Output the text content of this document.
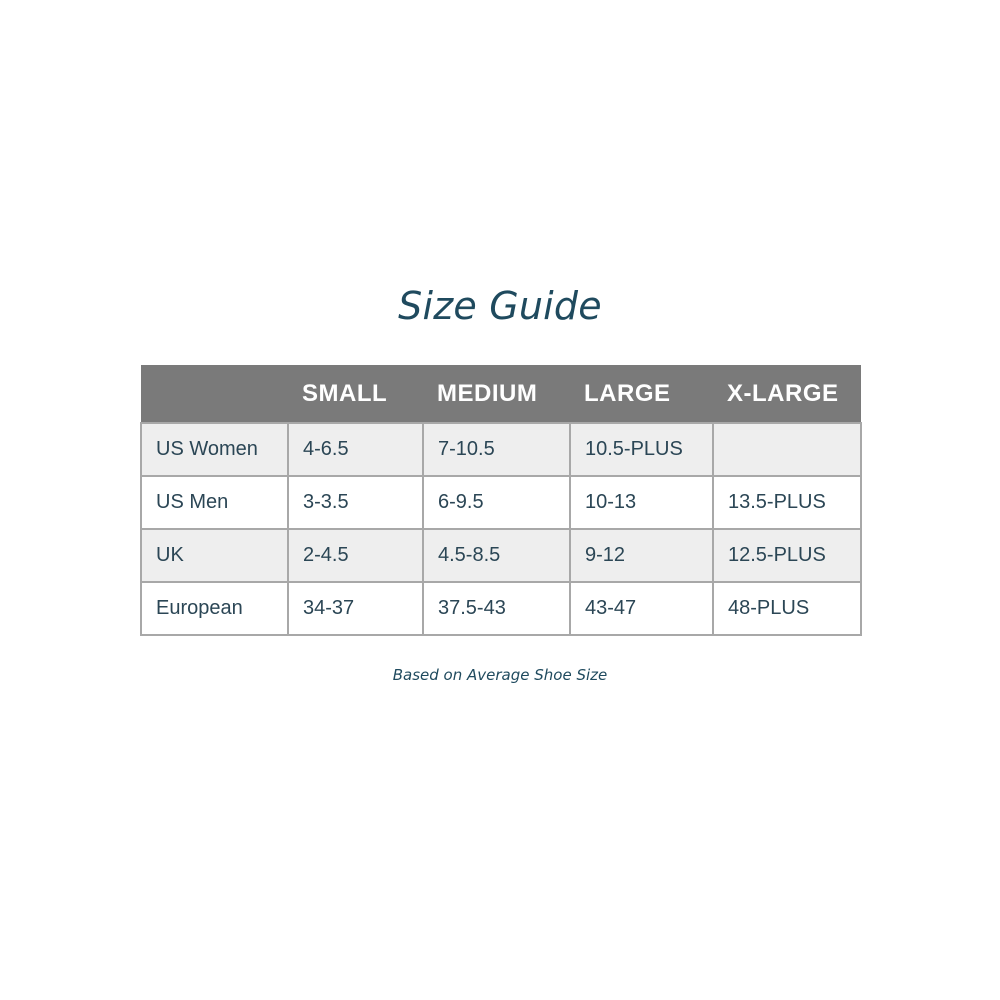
Size Guide
	SMALL	MEDIUM	LARGE	X-LARGE
US Women	4-6.5	7-10.5	10.5-PLUS	
US Men	3-3.5	6-9.5	10-13	13.5-PLUS
UK	2-4.5	4.5-8.5	9-12	12.5-PLUS
European	34-37	37.5-43	43-47	48-PLUS
Based on Average Shoe Size
